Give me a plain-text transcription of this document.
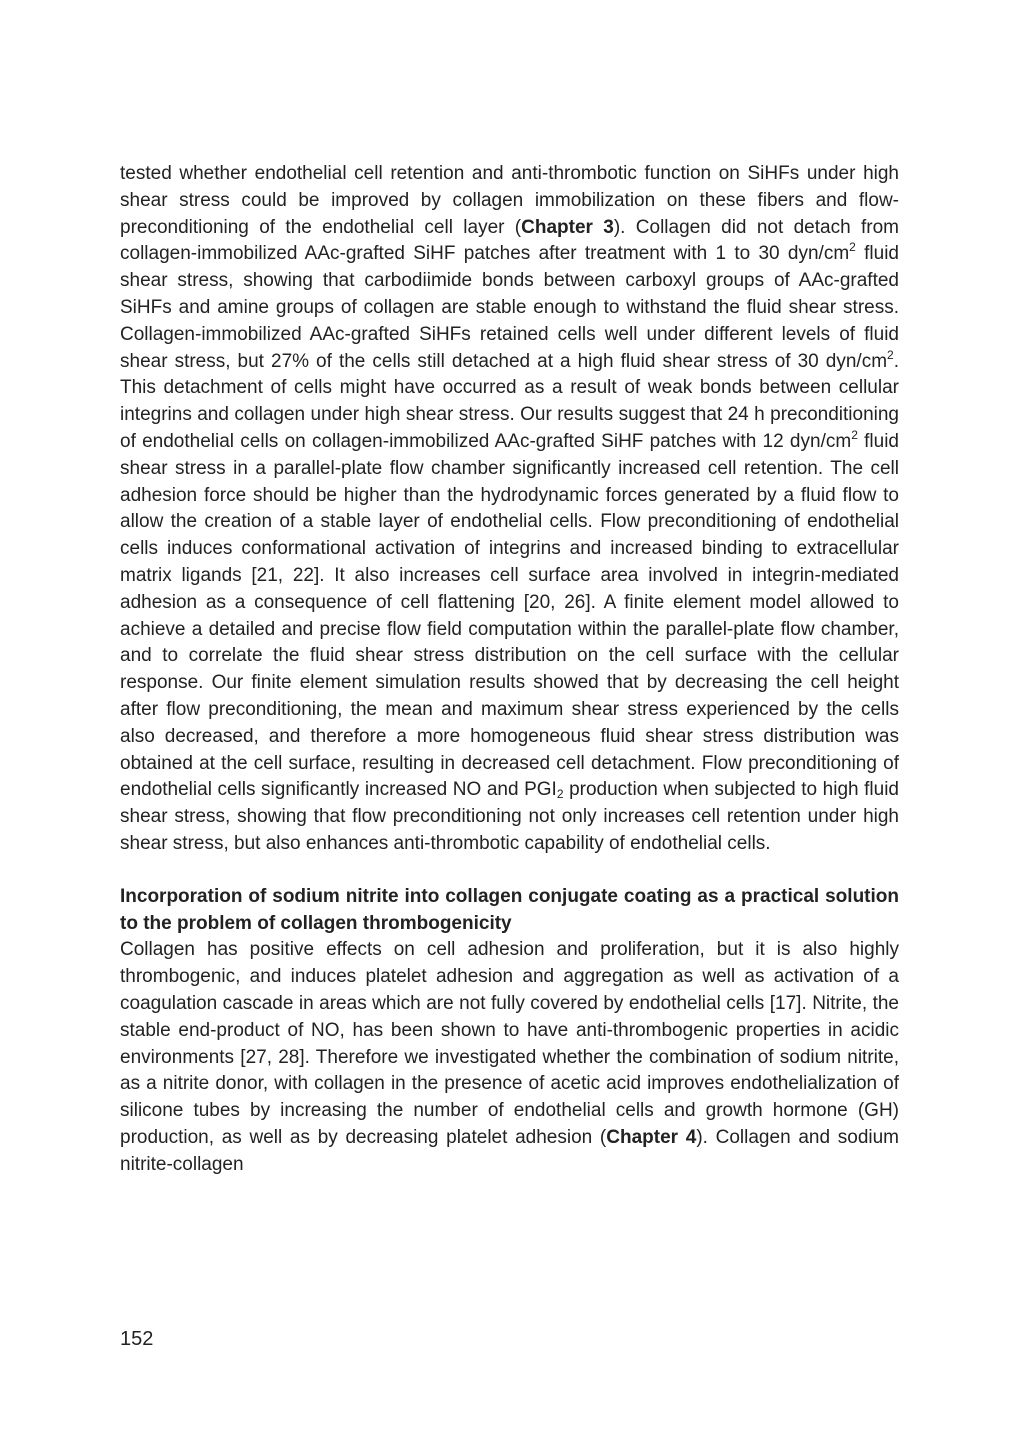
tested whether endothelial cell retention and anti-thrombotic function on SiHFs under high shear stress could be improved by collagen immobilization on these fibers and flow-preconditioning of the endothelial cell layer (Chapter 3). Collagen did not detach from collagen-immobilized AAc-grafted SiHF patches after treatment with 1 to 30 dyn/$cm^2$ fluid shear stress, showing that carbodiimide bonds between carboxyl groups of AAc-grafted SiHFs and amine groups of collagen are stable enough to withstand the fluid shear stress. Collagen-immobilized AAc-grafted SiHFs retained cells well under different levels of fluid shear stress, but 27% of the cells still detached at a high fluid shear stress of 30 dyn/$cm^2$. This detachment of cells might have occurred as a result of weak bonds between cellular integrins and collagen under high shear stress. Our results suggest that 24 h preconditioning of endothelial cells on collagen-immobilized AAc-grafted SiHF patches with 12 dyn/$cm^2$ fluid shear stress in a parallel-plate flow chamber significantly increased cell retention. The cell adhesion force should be higher than the hydrodynamic forces generated by a fluid flow to allow the creation of a stable layer of endothelial cells. Flow preconditioning of endothelial cells induces conformational activation of integrins and increased binding to extracellular matrix ligands [21, 22]. It also increases cell surface area involved in integrin-mediated adhesion as a consequence of cell flattening [20, 26]. A finite element model allowed to achieve a detailed and precise flow field computation within the parallel-plate flow chamber, and to correlate the fluid shear stress distribution on the cell surface with the cellular response. Our finite element simulation results showed that by decreasing the cell height after flow preconditioning, the mean and maximum shear stress experienced by the cells also decreased, and therefore a more homogeneous fluid shear stress distribution was obtained at the cell surface, resulting in decreased cell detachment. Flow preconditioning of endothelial cells significantly increased NO and $PGI_2$ production when subjected to high fluid shear stress, showing that flow preconditioning not only increases cell retention under high shear stress, but also enhances anti-thrombotic capability of endothelial cells.

Incorporation of sodium nitrite into collagen conjugate coating as a practical solution to the problem of collagen thrombogenicity

Collagen has positive effects on cell adhesion and proliferation, but it is also highly thrombogenic, and induces platelet adhesion and aggregation as well as activation of a coagulation cascade in areas which are not fully covered by endothelial cells [17]. Nitrite, the stable end-product of NO, has been shown to have anti-thrombogenic properties in acidic environments [27, 28]. Therefore we investigated whether the combination of sodium nitrite, as a nitrite donor, with collagen in the presence of acetic acid improves endothelialization of silicone tubes by increasing the number of endothelial cells and growth hormone (GH) production, as well as by decreasing platelet adhesion (Chapter 4). Collagen and sodium nitrite-collagen

152
